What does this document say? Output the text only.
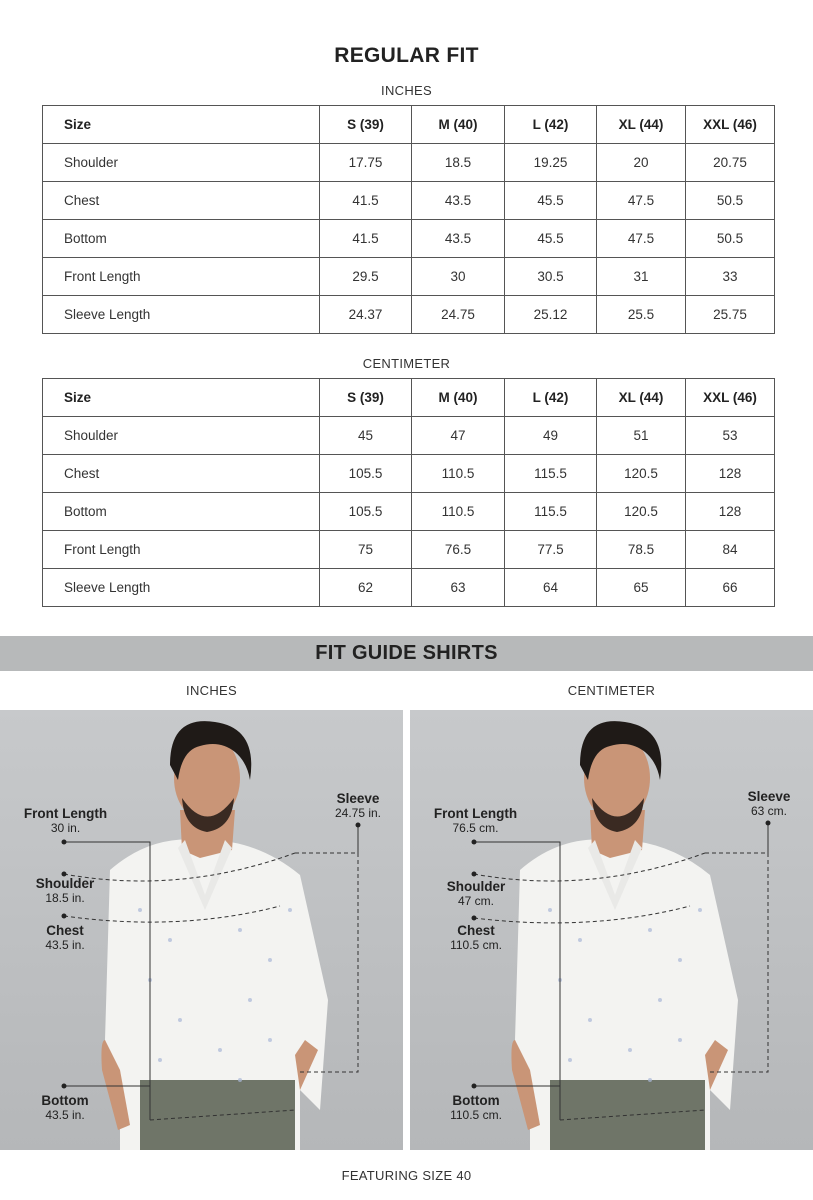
REGULAR FIT
INCHES
Size	S (39)	M (40)	L (42)	XL (44)	XXL (46)
Shoulder	17.75	18.5	19.25	20	20.75
Chest	41.5	43.5	45.5	47.5	50.5
Bottom	41.5	43.5	45.5	47.5	50.5
Front Length	29.5	30	30.5	31	33
Sleeve Length	24.37	24.75	25.12	25.5	25.75
CENTIMETER
Size	S (39)	M (40)	L (42)	XL (44)	XXL (46)
Shoulder	45	47	49	51	53
Chest	105.5	110.5	115.5	120.5	128
Bottom	105.5	110.5	115.5	120.5	128
Front Length	75	76.5	77.5	78.5	84
Sleeve Length	62	63	64	65	66
FIT GUIDE SHIRTS
INCHES	CENTIMETER
Front Length
30 in.
Shoulder
18.5 in.
Chest
43.5 in.
Bottom
43.5 in.
Sleeve
24.75 in.	Front Length
76.5 cm.
Shoulder
47 cm.
Chest
110.5 cm.
Bottom
110.5 cm.
Sleeve
63 cm.
FEATURING SIZE 40
